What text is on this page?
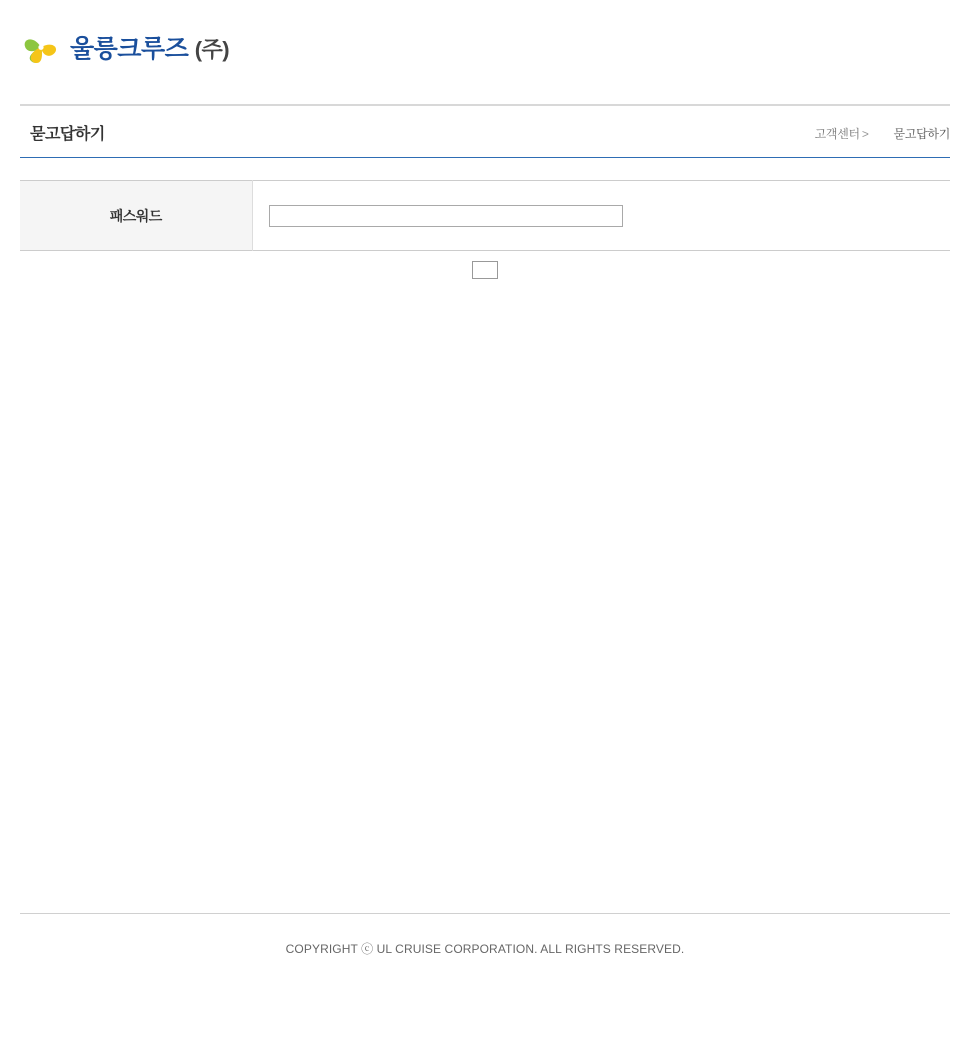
울릉크루즈 (주)
묻고답하기	고객센터 > 묻고답하기
패스워드	
COPYRIGHT ⓒ UL CRUISE CORPORATION. ALL RIGHTS RESERVED.
